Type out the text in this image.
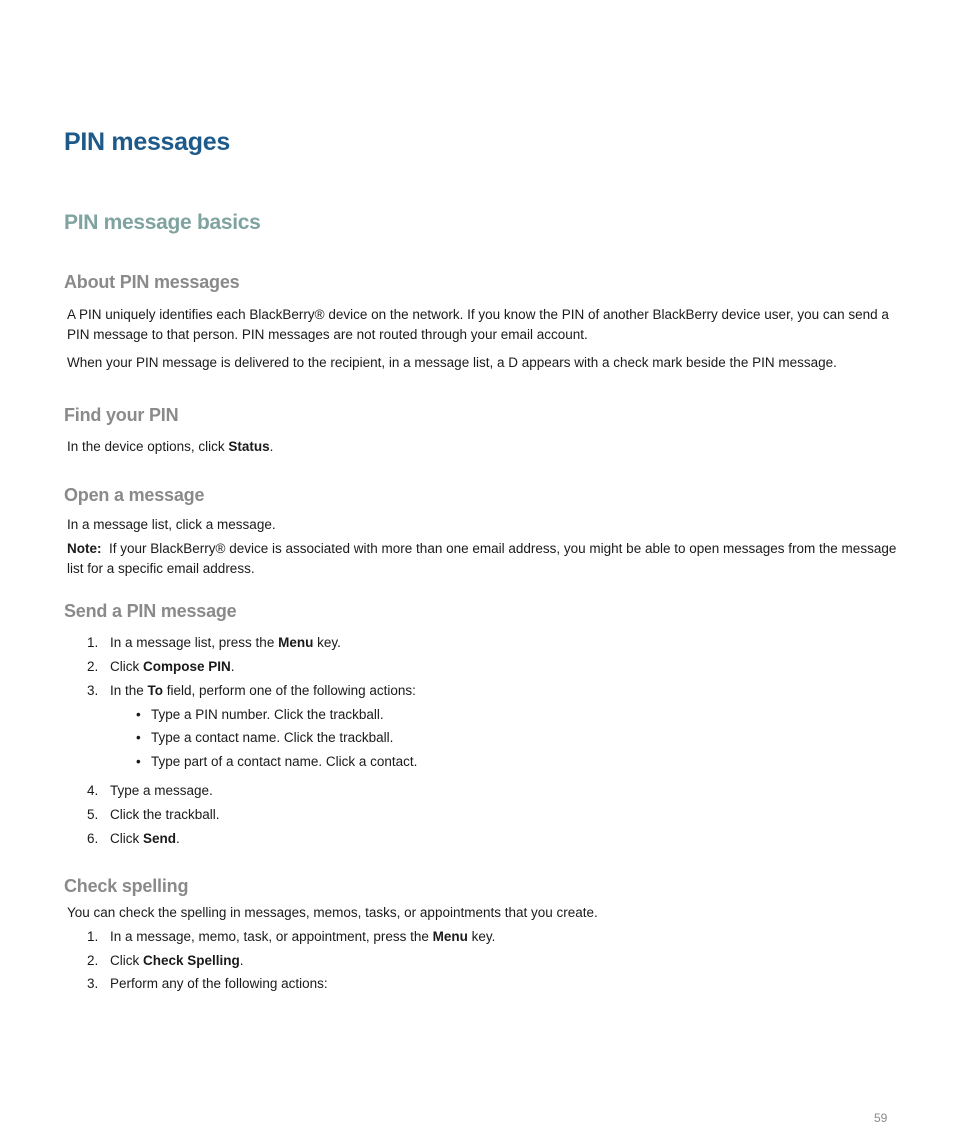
PIN messages
PIN message basics
About PIN messages
A PIN uniquely identifies each BlackBerry® device on the network. If you know the PIN of another BlackBerry device user, you can send a PIN message to that person. PIN messages are not routed through your email account.
When your PIN message is delivered to the recipient, in a message list, a D appears with a check mark beside the PIN message.
Find your PIN
In the device options, click Status.
Open a message
In a message list, click a message.
Note:  If your BlackBerry® device is associated with more than one email address, you might be able to open messages from the message list for a specific email address.
Send a PIN message
1. In a message list, press the Menu key.
2. Click Compose PIN.
3. In the To field, perform one of the following actions:
• Type a PIN number. Click the trackball.
• Type a contact name. Click the trackball.
• Type part of a contact name. Click a contact.
4. Type a message.
5. Click the trackball.
6. Click Send.
Check spelling
You can check the spelling in messages, memos, tasks, or appointments that you create.
1. In a message, memo, task, or appointment, press the Menu key.
2. Click Check Spelling.
3. Perform any of the following actions:
59
